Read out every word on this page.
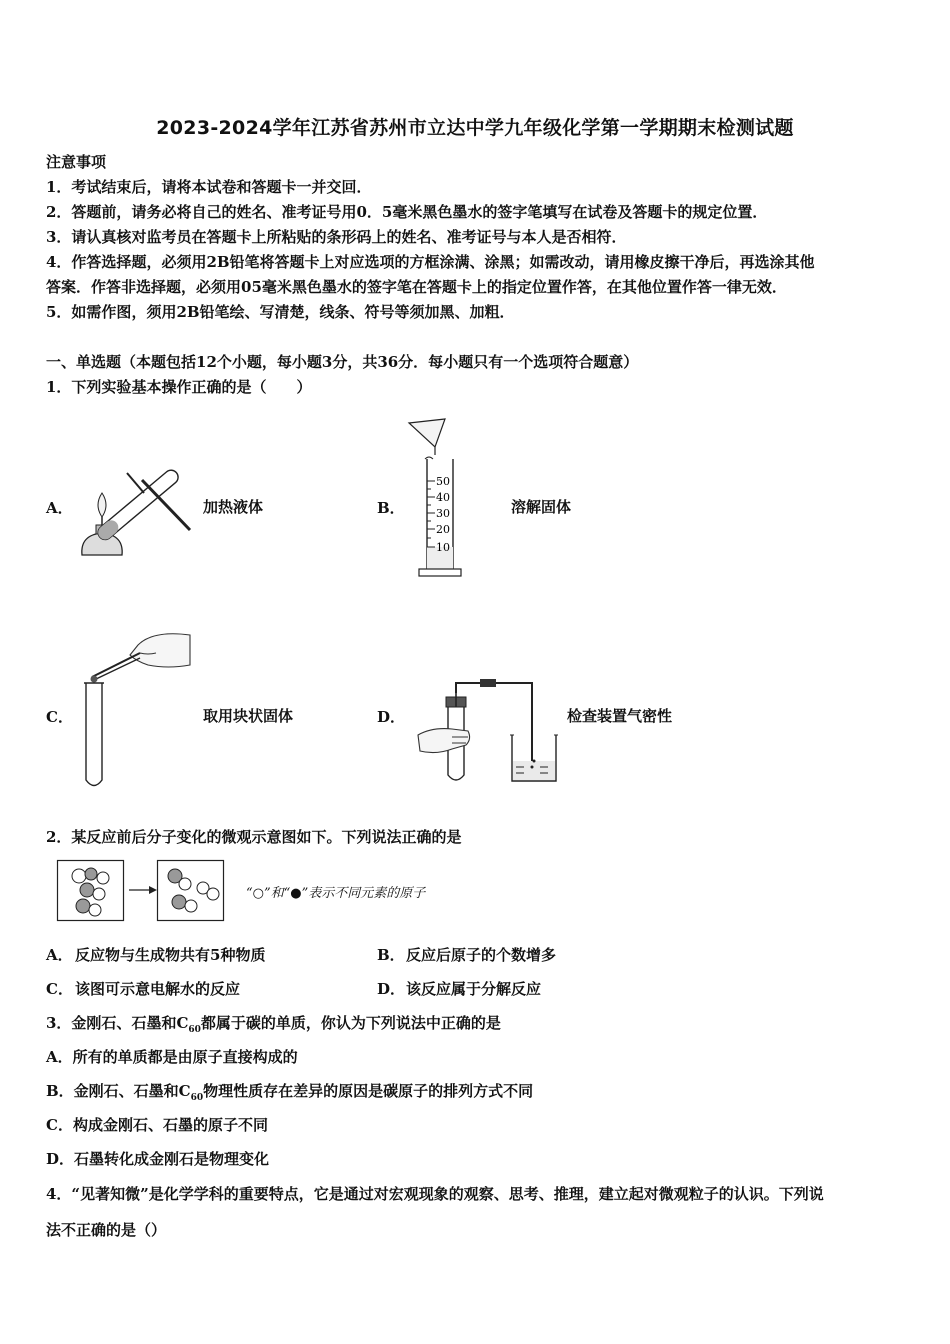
2023-2024学年江苏省苏州市立达中学九年级化学第一学期期末检测试题
注意事项
1．考试结束后，请将本试卷和答题卡一并交回．
2．答题前，请务必将自己的姓名、准考证号用0．5毫米黑色墨水的签字笔填写在试卷及答题卡的规定位置．
3．请认真核对监考员在答题卡上所粘贴的条形码上的姓名、准考证号与本人是否相符．
4．作答选择题，必须用2B铅笔将答题卡上对应选项的方框涂满、涂黑；如需改动，请用橡皮擦干净后，再选涂其他
答案．作答非选择题，必须用05毫米黑色墨水的签字笔在答题卡上的指定位置作答，在其他位置作答一律无效．
5．如需作图，须用2B铅笔绘、写清楚，线条、符号等须加黑、加粗．
一、单选题（本题包括12个小题，每小题3分，共36分．每小题只有一个选项符合题意）
1．下列实验基本操作正确的是（　　）
A．	加热液体	B．	溶解固体
C．	取用块状固体	D．	检查装置气密性
50
40
30
20
10
2．某反应前后分子变化的微观示意图如下。下列说法正确的是
“○”和“●”表示不同元素的原子
A． 反应物与生成物共有5种物质	B． 反应后原子的个数增多
C． 该图可示意电解水的反应	D． 该反应属于分解反应
3．金刚石、石墨和$C_{60}$都属于碳的单质，你认为下列说法中正确的是
A．所有的单质都是由原子直接构成的
B．金刚石、石墨和$C_{60}$物理性质存在差异的原因是碳原子的排列方式不同
C．构成金刚石、石墨的原子不同
D．石墨转化成金刚石是物理变化
4．“见著知微”是化学学科的重要特点，它是通过对宏观现象的观察、思考、推理，建立起对微观粒子的认识。下列说
法不正确的是（）
